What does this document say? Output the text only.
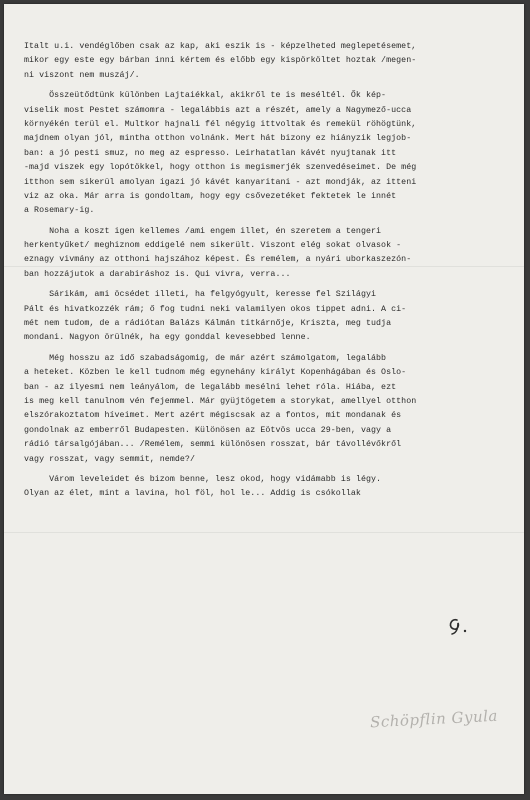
Italt u.i. vendéglőben csak az kap, aki eszik is - képzelheted meglepetésemet,
mikor egy este egy bárban inni kértem és előbb egy kispörköltet hoztak /megen-
ni viszont nem muszáj/.
Összeütődtünk különben Lajtaiékkal, akikről te is meséltél. Ők kép-
viselik most Pestet számomra - legalábbis azt a részét, amely a Nagymező-ucca
környékén terül el. Multkor hajnali fél négyig ittvoltak és remekül röhögtünk,
majdnem olyan jól, mintha otthon volnánk. Mert hát bizony ez hiányzik legjob-
ban: a jó pesti smuz, no meg az espresso. Leirhatatlan kávét nyujtanak itt
-majd viszek egy lopótökkel, hogy otthon is megismerjék szenvedéseimet. De még
itthon sem sikerül amolyan igazi jó kávét kanyaritani - azt mondják, az itteni
viz az oka. Már arra is gondoltam, hogy egy csővezetéket fektetek le innét
a Rosemary-ig.
Noha a koszt igen kellemes /ami engem illet, én szeretem a tengeri
herkentyűket/ meghiznom eddigelé nem sikerült. Viszont elég sokat olvasok -
eznagy vivmány az otthoni hajszához képest. És remélem, a nyári uborkaszezón-
ban hozzájutok a darabiráshoz is. Qui vivra, verra...
Sárikám, ami öcsédet illeti, ha felgyógyult, keresse fel Szilágyi
Pált és hivatkozzék rám; ő fog tudni neki valamilyen okos tippet adni. A ci-
mét nem tudom, de a rádiótan Balázs Kálmán titkárnője, Kriszta, meg tudja
mondani. Nagyon örülnék, ha egy gonddal kevesebbed lenne.
Még hosszu az idő szabadságomig, de már azért számolgatom, legalább
a heteket. Közben le kell tudnom még egynehány királyt Kopenhágában és Oslo-
ban - az ilyesmi nem leányálom, de legalább mesélni lehet róla. Hiába, ezt
is meg kell tanulnom vén fejemmel. Már gyüjtögetem a storykat, amellyel otthon
elszórakoztatom híveimet. Mert azért mégiscsak az a fontos, mit mondanak és
gondolnak az emberről Budapesten. Különösen az Eötvös ucca 29-ben, vagy a
rádió társalgójában... /Remélem, semmi különösen rosszat, bár távollévőkről
vagy rosszat, vagy semmit, nemde?/
Várom leveleidet és bizom benne, lesz okod, hogy vidámabb is légy.
Olyan az élet, mint a lavina, hol föl, hol le... Addig is csókollak
Schöpflin Gyula
